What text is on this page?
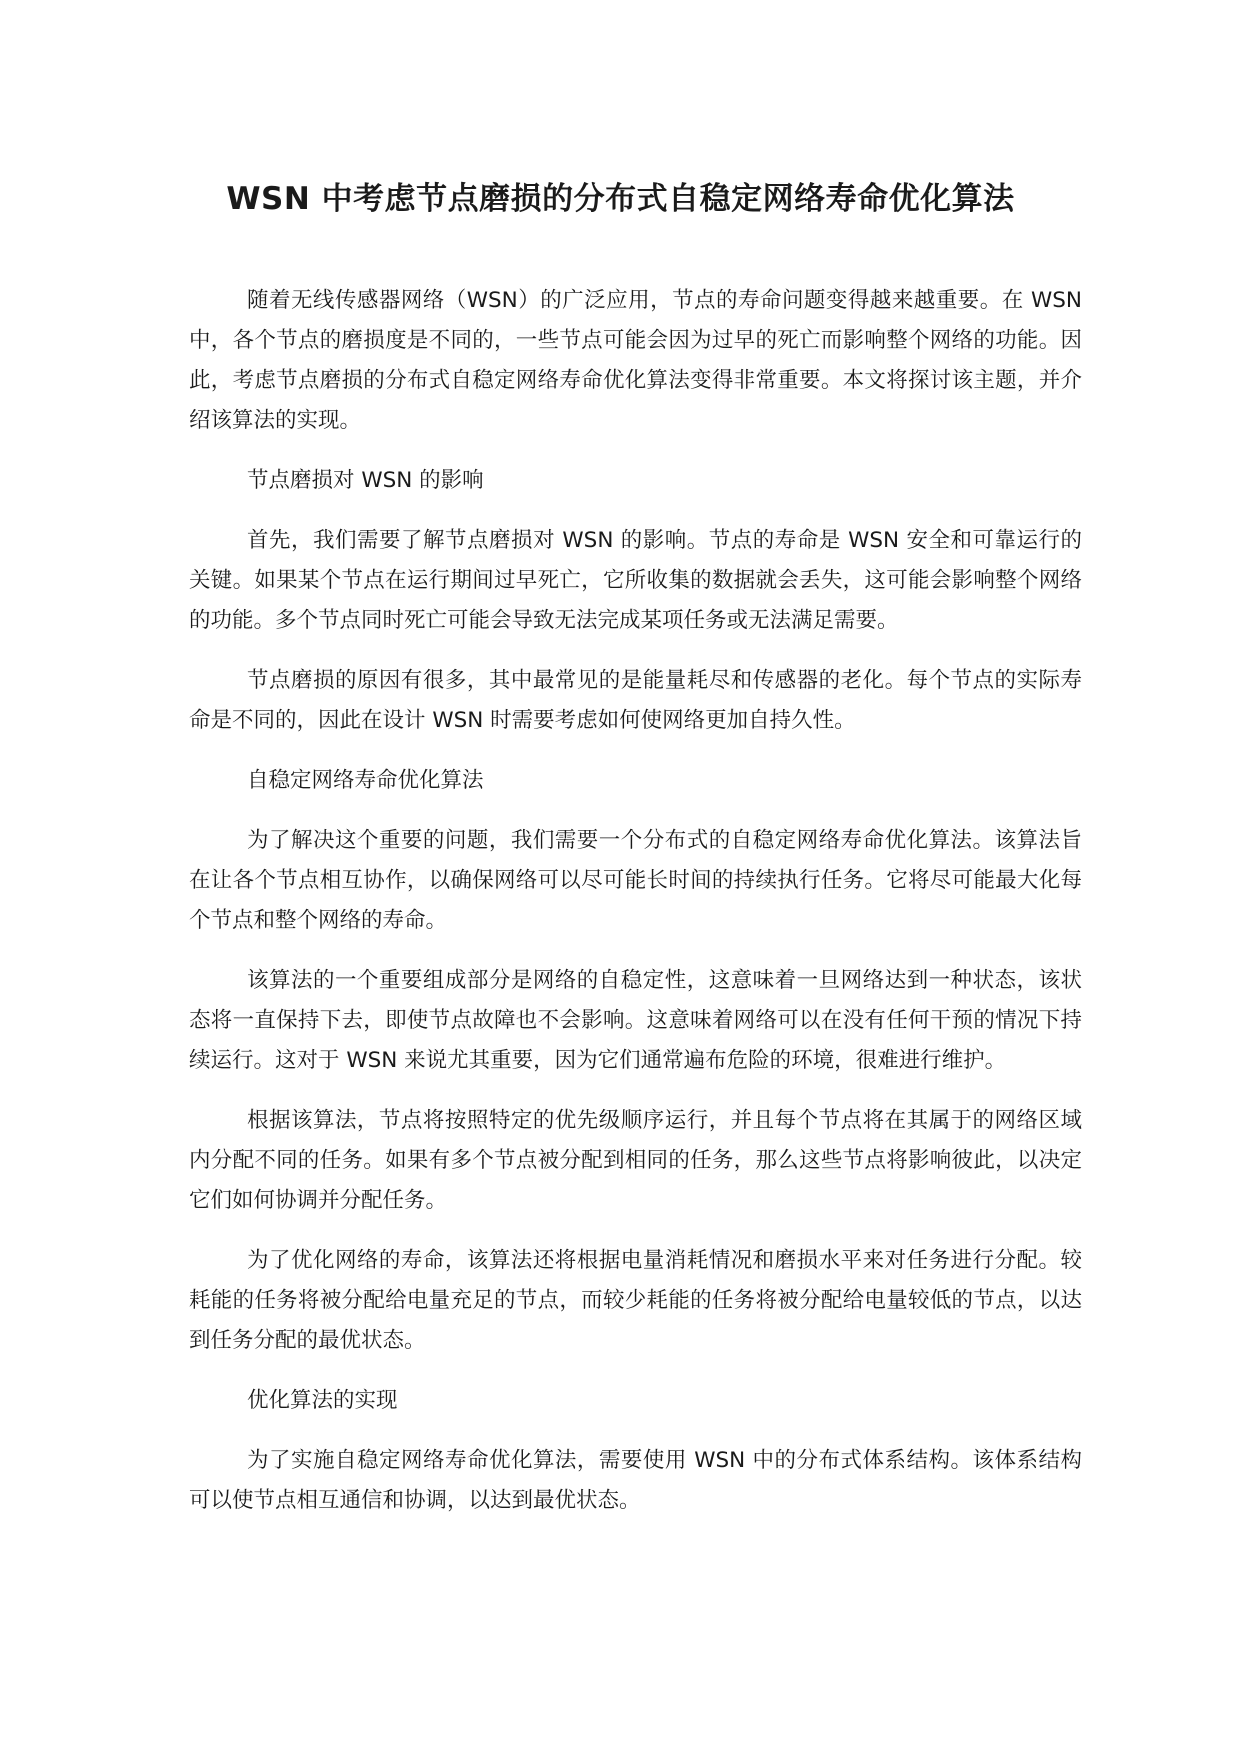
WSN 中考虑节点磨损的分布式自稳定网络寿命优化算法

随着无线传感器网络（WSN）的广泛应用，节点的寿命问题变得越来越重要。在 WSN 中，各个节点的磨损度是不同的，一些节点可能会因为过早的死亡而影响整个网络的功能。因此，考虑节点磨损的分布式自稳定网络寿命优化算法变得非常重要。本文将探讨该主题，并介绍该算法的实现。

节点磨损对 WSN 的影响

首先，我们需要了解节点磨损对 WSN 的影响。节点的寿命是 WSN 安全和可靠运行的关键。如果某个节点在运行期间过早死亡，它所收集的数据就会丢失，这可能会影响整个网络的功能。多个节点同时死亡可能会导致无法完成某项任务或无法满足需要。

节点磨损的原因有很多，其中最常见的是能量耗尽和传感器的老化。每个节点的实际寿命是不同的，因此在设计 WSN 时需要考虑如何使网络更加自持久性。

自稳定网络寿命优化算法

为了解决这个重要的问题，我们需要一个分布式的自稳定网络寿命优化算法。该算法旨在让各个节点相互协作，以确保网络可以尽可能长时间的持续执行任务。它将尽可能最大化每个节点和整个网络的寿命。

该算法的一个重要组成部分是网络的自稳定性，这意味着一旦网络达到一种状态，该状态将一直保持下去，即使节点故障也不会影响。这意味着网络可以在没有任何干预的情况下持续运行。这对于 WSN 来说尤其重要，因为它们通常遍布危险的环境，很难进行维护。

根据该算法，节点将按照特定的优先级顺序运行，并且每个节点将在其属于的网络区域内分配不同的任务。如果有多个节点被分配到相同的任务，那么这些节点将影响彼此，以决定它们如何协调并分配任务。

为了优化网络的寿命，该算法还将根据电量消耗情况和磨损水平来对任务进行分配。较耗能的任务将被分配给电量充足的节点，而较少耗能的任务将被分配给电量较低的节点，以达到任务分配的最优状态。

优化算法的实现

为了实施自稳定网络寿命优化算法，需要使用 WSN 中的分布式体系结构。该体系结构可以使节点相互通信和协调，以达到最优状态。
